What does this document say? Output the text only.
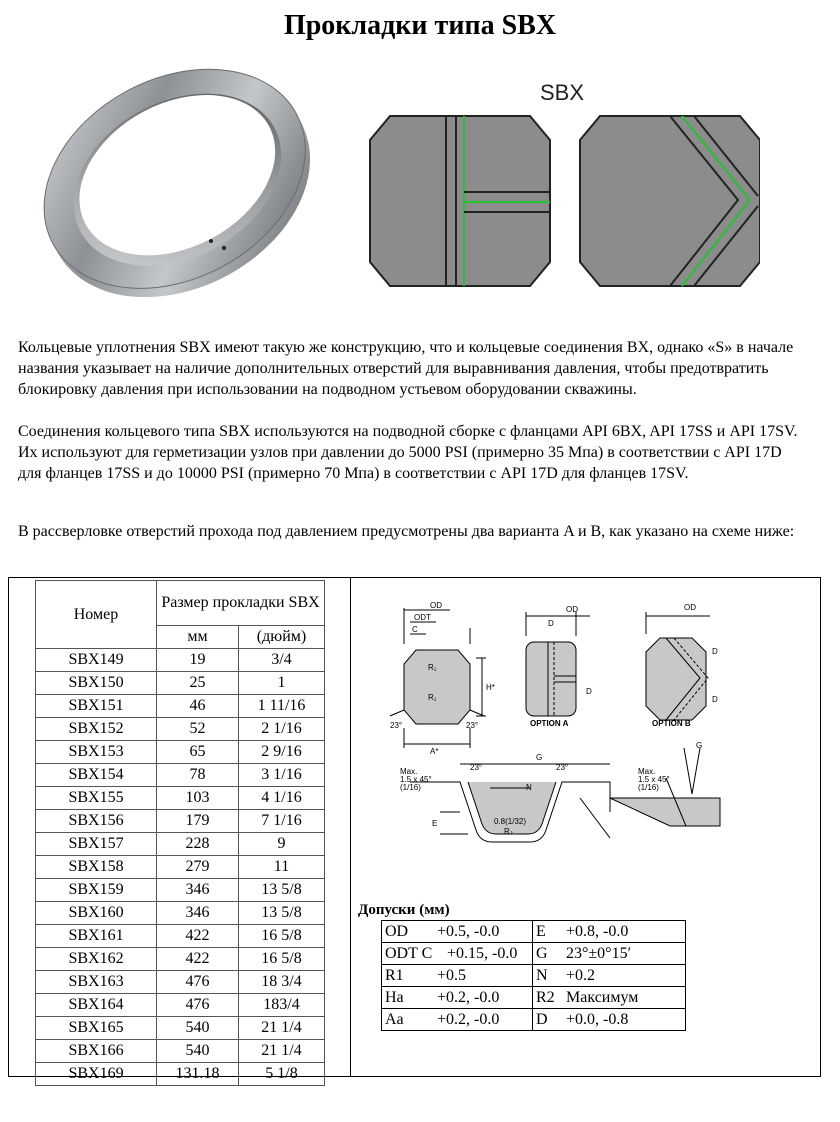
Прокладки типа SBX
SBX
Кольцевые уплотнения SBX имеют такую же конструкцию, что и кольцевые соединения BX, однако «S» в начале названия указывает на наличие дополнительных отверстий для выравнивания давления, чтобы предотвратить блокировку давления при использовании на подводном устьевом оборудовании скважины.
Соединения кольцевого типа SBX используются на подводной сборке с фланцами API 6BX, API 17SS и API 17SV. Их используют для герметизации узлов при давлении до 5000 PSI (примерно 35 Мпа) в соответствии с API 17D для фланцев 17SS и до 10000 PSI (примерно 70 Мпа) в соответствии с API 17D для фланцев 17SV.
В рассверловке отверстий прохода под давлением предусмотрены два варианта A и B, как указано на схеме ниже:
Номер	Размер прокладки SBX	
	мм	(дюйм)
SBX149	19	3/4
SBX150	25	1
SBX151	46	1 11/16
SBX152	52	2 1/16
SBX153	65	2 9/16
SBX154	78	3 1/16
SBX155	103	4 1/16
SBX156	179	7 1/16
SBX157	228	9
SBX158	279	11
SBX159	346	13 5/8
SBX160	346	13 5/8
SBX161	422	16 5/8
SBX162	422	16 5/8
SBX163	476	18 3/4
SBX164	476	183/4
SBX165	540	21 1/4
SBX166	540	21 1/4
SBX169	131.18	5 1/8
OD
ODT
C
R₁
R₁
H*
A*
23°	23°
OD
D
D
OPTION A
OD
D
D
OPTION B
G
N
E	0.8(1/32)
R₂
Max.
1.5 x 45°
(1/16)
23°	23°	Max.
1.5 x 45°
(1/16)
G
Допуски (мм)
OD +0.5, -0.0	E +0.8, -0.0
ODT C +0.15, -0.0	G 23°±0°15′
R1 +0.5	N +0.2
Ha +0.2, -0.0	R2 Максимум
Aa +0.2, -0.0	D +0.0, -0.8
